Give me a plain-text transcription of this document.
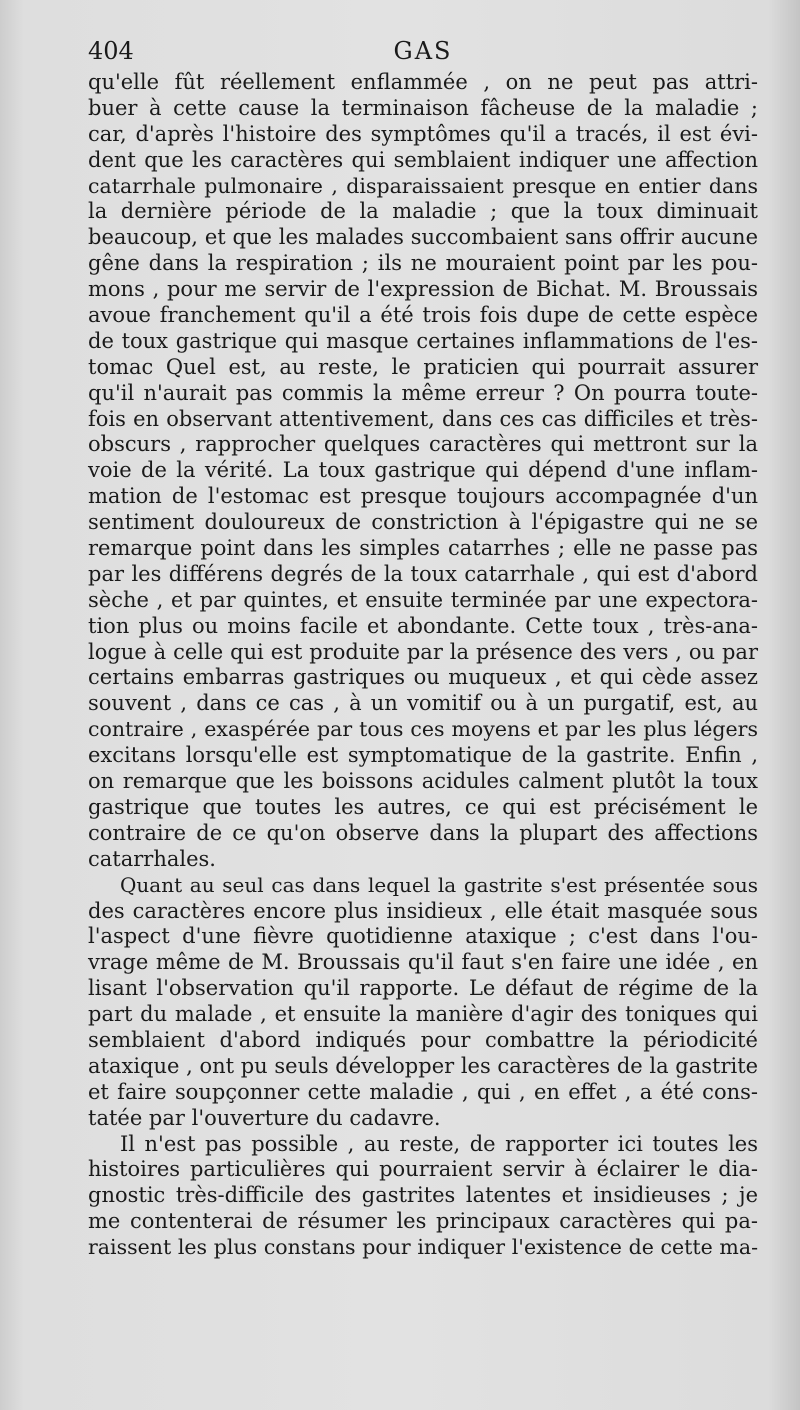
404	GAS
qu'elle fût réellement enflammée , on ne peut pas attri-
buer à cette cause la terminaison fâcheuse de la maladie ;
car, d'après l'histoire des symptômes qu'il a tracés, il est évi-
dent que les caractères qui semblaient indiquer une affection
catarrhale pulmonaire , disparaissaient presque en entier dans
la dernière période de la maladie ; que la toux diminuait
beaucoup, et que les malades succombaient sans offrir aucune
gêne dans la respiration ; ils ne mouraient point par les pou-
mons , pour me servir de l'expression de Bichat. M. Broussais
avoue franchement qu'il a été trois fois dupe de cette espèce
de toux gastrique qui masque certaines inflammations de l'es-
tomac Quel est, au reste, le praticien qui pourrait assurer
qu'il n'aurait pas commis la même erreur ? On pourra toute-
fois en observant attentivement, dans ces cas difficiles et très-
obscurs , rapprocher quelques caractères qui mettront sur la
voie de la vérité. La toux gastrique qui dépend d'une inflam-
mation de l'estomac est presque toujours accompagnée d'un
sentiment douloureux de constriction à l'épigastre qui ne se
remarque point dans les simples catarrhes ; elle ne passe pas
par les différens degrés de la toux catarrhale , qui est d'abord
sèche , et par quintes, et ensuite terminée par une expectora-
tion plus ou moins facile et abondante. Cette toux , très-ana-
logue à celle qui est produite par la présence des vers , ou par
certains embarras gastriques ou muqueux , et qui cède assez
souvent , dans ce cas , à un vomitif ou à un purgatif, est, au
contraire , exaspérée par tous ces moyens et par les plus légers
excitans lorsqu'elle est symptomatique de la gastrite. Enfin ,
on remarque que les boissons acidules calment plutôt la toux
gastrique que toutes les autres, ce qui est précisément le
contraire de ce qu'on observe dans la plupart des affections
catarrhales.
Quant au seul cas dans lequel la gastrite s'est présentée sous
des caractères encore plus insidieux , elle était masquée sous
l'aspect d'une fièvre quotidienne ataxique ; c'est dans l'ou-
vrage même de M. Broussais qu'il faut s'en faire une idée , en
lisant l'observation qu'il rapporte. Le défaut de régime de la
part du malade , et ensuite la manière d'agir des toniques qui
semblaient d'abord indiqués pour combattre la périodicité
ataxique , ont pu seuls développer les caractères de la gastrite
et faire soupçonner cette maladie , qui , en effet , a été cons-
tatée par l'ouverture du cadavre.
Il n'est pas possible , au reste, de rapporter ici toutes les
histoires particulières qui pourraient servir à éclairer le dia-
gnostic très-difficile des gastrites latentes et insidieuses ; je
me contenterai de résumer les principaux caractères qui pa-
raissent les plus constans pour indiquer l'existence de cette ma-
